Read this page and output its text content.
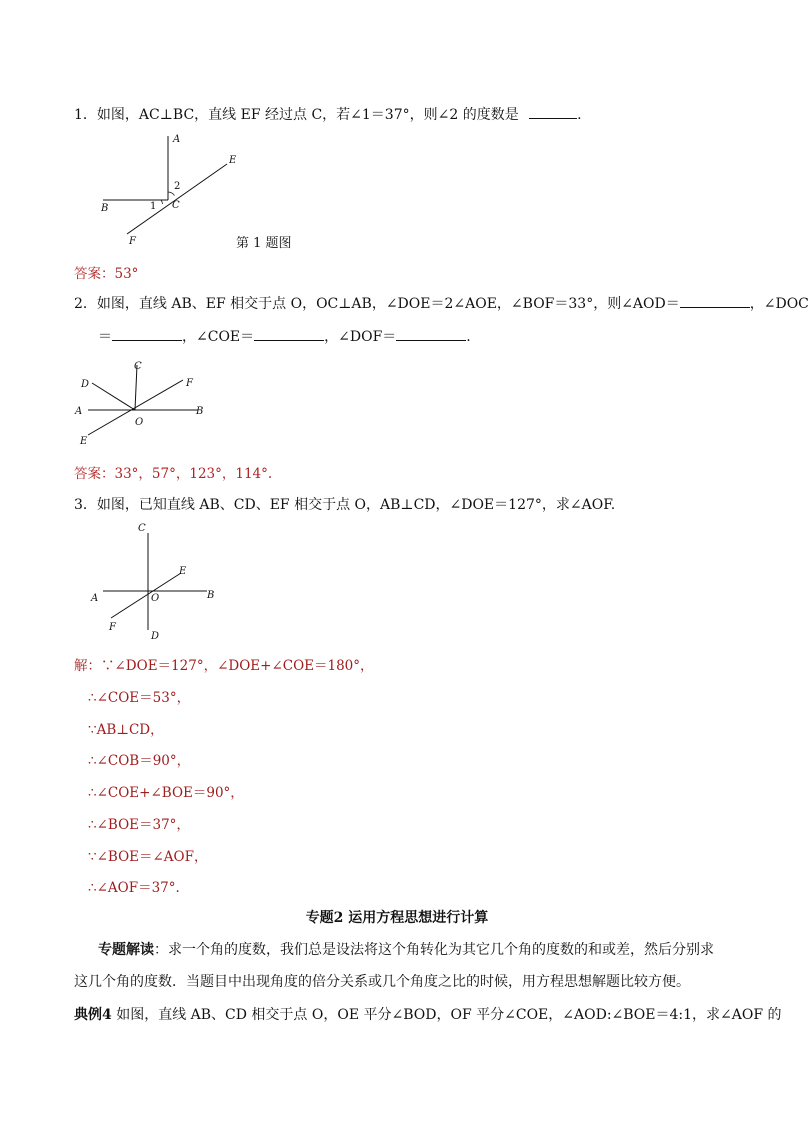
1．如图，AC⊥BC，直线 EF 经过点 C，若∠1＝37°，则∠2 的度数是	.
A
B	C
E
F
1
2
第 1 题图
答案：53°
2．如图，直线 AB、EF 相交于点 O，OC⊥AB，∠DOE＝2∠AOE，∠BOF＝33°，则∠AOD＝	，∠DOC
＝	，∠COE＝	，∠DOF＝	.
C
D	F
A	B
O
E
答案：33°，57°，123°，114°.
3．如图，已知直线 AB、CD、EF 相交于点 O，AB⊥CD，∠DOE＝127°，求∠AOF.
C
E
A	O	B
F
D
解：∵∠DOE＝127°，∠DOE+∠COE＝180°，
∴∠COE＝53°，
∵AB⊥CD，
∴∠COB＝90°，
∴∠COE+∠BOE＝90°，
∴∠BOE＝37°，
∵∠BOE＝∠AOF，
∴∠AOF＝37°.
专题2 运用方程思想进行计算
专题解读：求一个角的度数，我们总是设法将这个角转化为其它几个角的度数的和或差，然后分别求
这几个角的度数．当题目中出现角度的倍分关系或几个角度之比的时候，用方程思想解题比较方便。
典例4 如图，直线 AB、CD 相交于点 O，OE 平分∠BOD，OF 平分∠COE，∠AOD:∠BOE＝4:1，求∠AOF 的
